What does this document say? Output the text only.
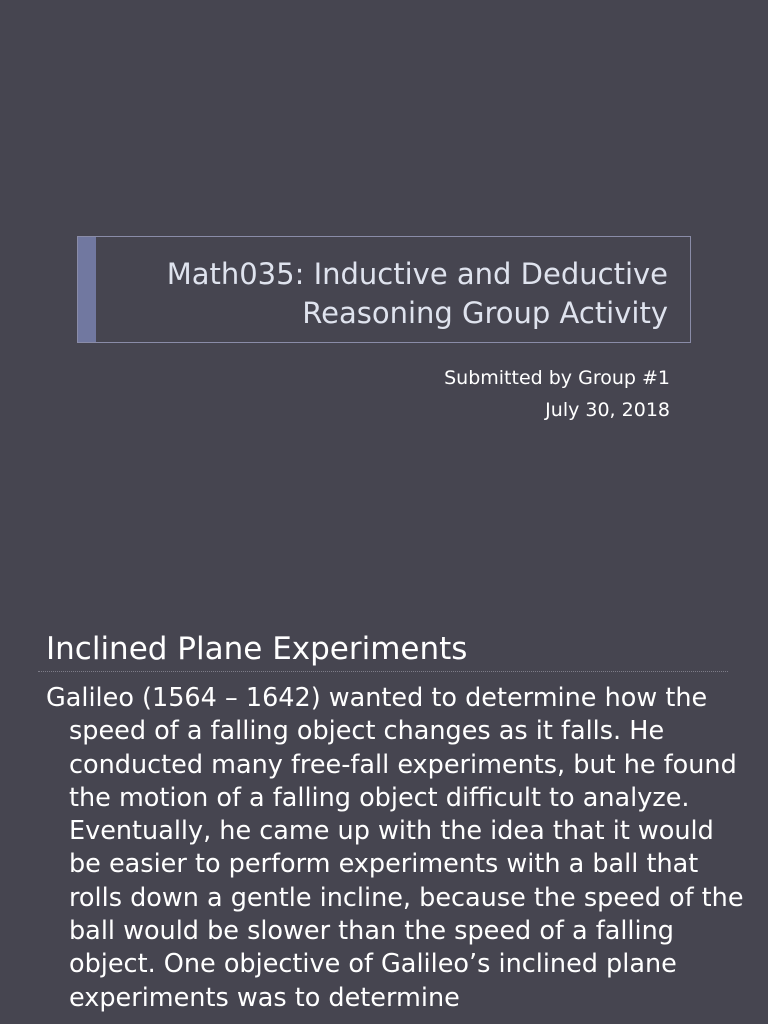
Math035: Inductive and Deductive Reasoning Group Activity
Submitted by Group #1
July 30, 2018
Inclined Plane Experiments
Galileo (1564 – 1642) wanted to determine how the speed of a falling object changes as it falls. He conducted many free-fall experiments, but he found the motion of a falling object difficult to analyze. Eventually, he came up with the idea that it would be easier to perform experiments with a ball that rolls down a gentle incline, because the speed of the ball would be slower than the speed of a falling object. One objective of Galileo’s inclined plane experiments was to determine
